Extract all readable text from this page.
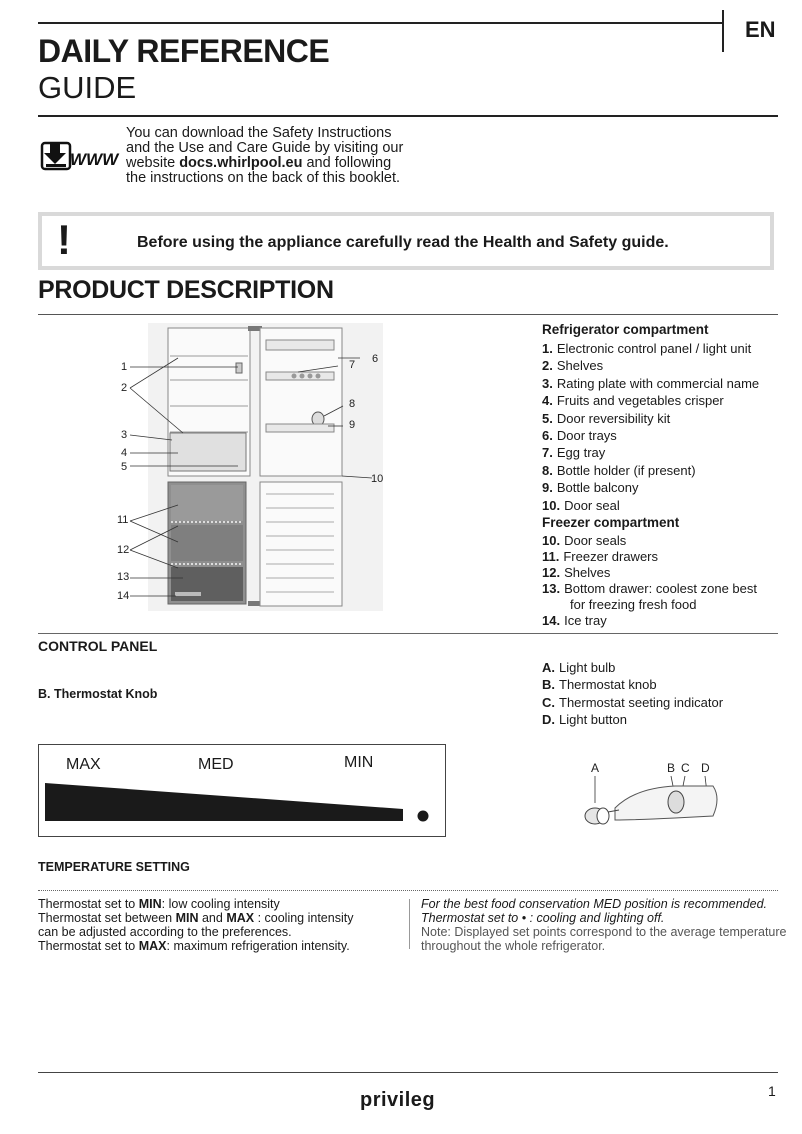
EN
DAILY REFERENCE
GUIDE
WWW
You can download the Safety Instructions
and the Use and Care Guide by visiting our
website docs.whirlpool.eu and following
the instructions on the back of this booklet.
!	Before using the appliance carefully read the Health and Safety guide.
PRODUCT DESCRIPTION
1
2
3
4
5
6
7
8
9
10
11
12
13
14
Refrigerator compartment
1. Electronic control panel / light unit
2. Shelves
3. Rating plate with commercial name
4. Fruits and vegetables crisper
5. Door reversibility kit
6. Door trays
7. Egg tray
8. Bottle holder (if present)
9. Bottle balcony
10. Door seal
Freezer compartment
10. Door seals
11. Freezer drawers
12. Shelves
13. Bottom drawer: coolest zone best
for freezing fresh food
14. Ice tray
CONTROL PANEL
B. Thermostat Knob
A. Light bulb
B. Thermostat knob
C. Thermostat seeting indicator
D. Light button
MAX	MED	MIN	A	B C D
TEMPERATURE SETTING
Thermostat set to MIN: low cooling intensity
Thermostat set between MIN and MAX : cooling intensity
can be adjusted according to the preferences.
Thermostat set to MAX: maximum refrigeration intensity.
For the best food conservation MED position is recommended.
Thermostat set to • : cooling and lighting off.
Note: Displayed set points correspond to the average temperature
throughout the whole refrigerator.
privileg	1
